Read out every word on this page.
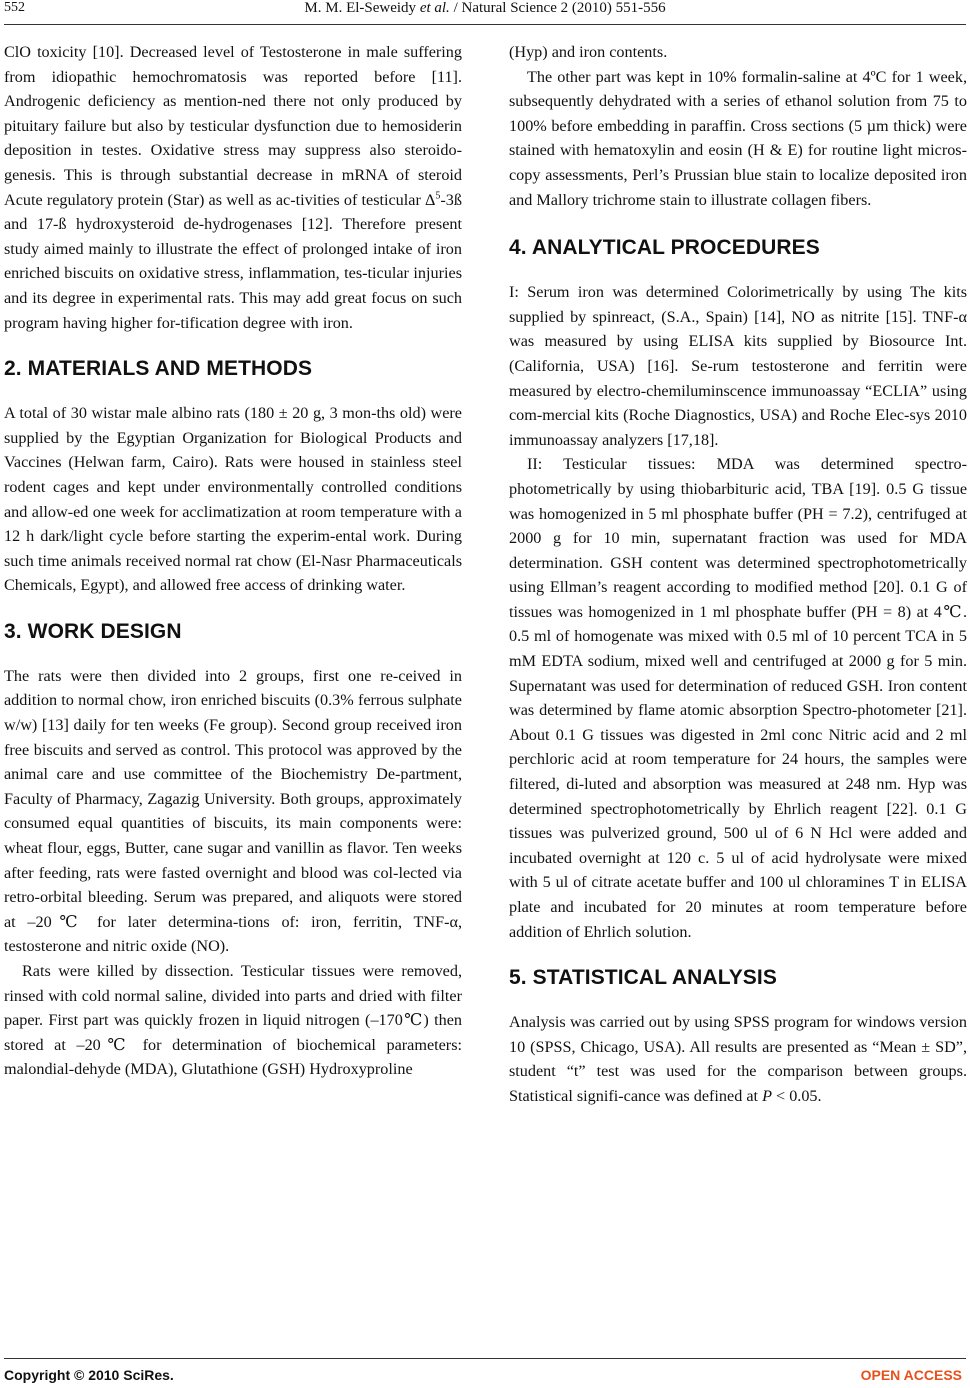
552	M. M. El-Seweidy et al. / Natural Science 2 (2010) 551-556

ClO toxicity [10]. Decreased level of Testosterone in male suffering from idiopathic hemochromatosis was reported before [11]. Androgenic deficiency as mention-ned there not only produced by pituitary failure but also by testicular dysfunction due to hemosiderin deposition in testes. Oxidative stress may suppress also steroido-genesis. This is through substantial decrease in mRNA of steroid Acute regulatory protein (Star) as well as ac-tivities of testicular $\Delta^5-3ß$ and 17-ß hydroxysteroid de-hydrogenases [12]. Therefore present study aimed mainly to illustrate the effect of prolonged intake of iron enriched biscuits on oxidative stress, inflammation, tes-ticular injuries and its degree in experimental rats. This may add great focus on such program having higher for-tification degree with iron.

2. MATERIALS AND METHODS

A total of 30 wistar male albino rats (180 ± 20 g, 3 mon-ths old) were supplied by the Egyptian Organization for Biological Products and Vaccines (Helwan farm, Cairo). Rats were housed in stainless steel rodent cages and kept under environmentally controlled conditions and allow-ed one week for acclimatization at room temperature with a 12 h dark/light cycle before starting the experim-ental work. During such time animals received normal rat chow (El-Nasr Pharmaceuticals Chemicals, Egypt), and allowed free access of drinking water.

3. WORK DESIGN

The rats were then divided into 2 groups, first one re-ceived in addition to normal chow, iron enriched biscuits (0.3% ferrous sulphate w/w) [13] daily for ten weeks (Fe group). Second group received iron free biscuits and served as control. This protocol was approved by the animal care and use committee of the Biochemistry De-partment, Faculty of Pharmacy, Zagazig University. Both groups, approximately consumed equal quantities of biscuits, its main components were: wheat flour, eggs, Butter, cane sugar and vanillin as flavor. Ten weeks after feeding, rats were fasted overnight and blood was col-lected via retro-orbital bleeding. Serum was prepared, and aliquots were stored at –20℃ for later determina-tions of: iron, ferritin, TNF-α, testosterone and nitric oxide (NO).

Rats were killed by dissection. Testicular tissues were removed, rinsed with cold normal saline, divided into parts and dried with filter paper. First part was quickly frozen in liquid nitrogen (–170℃) then stored at –20℃ for determination of biochemical parameters: malondial-dehyde (MDA), Glutathione (GSH) Hydroxyproline

(Hyp) and iron contents.

The other part was kept in 10% formalin-saline at 4ºC for 1 week, subsequently dehydrated with a series of ethanol solution from 75 to 100% before embedding in paraffin. Cross sections (5 µm thick) were stained with hematoxylin and eosin (H & E) for routine light micros-copy assessments, Perl’s Prussian blue stain to localize deposited iron and Mallory trichrome stain to illustrate collagen fibers.

4. ANALYTICAL PROCEDURES

I: Serum iron was determined Colorimetrically by using The kits supplied by spinreact, (S.A., Spain) [14], NO as nitrite [15]. TNF-α was measured by using ELISA kits supplied by Biosource Int. (California, USA) [16]. Se-rum testosterone and ferritin were measured by electro-chemiluminscence immunoassay “ECLIA” using com-mercial kits (Roche Diagnostics, USA) and Roche Elec-sys 2010 immunoassay analyzers [17,18].

II: Testicular tissues: MDA was determined spectro-photometrically by using thiobarbituric acid, TBA [19]. 0.5 G tissue was homogenized in 5 ml phosphate buffer (PH = 7.2), centrifuged at 2000 g for 10 min, supernatant fraction was used for MDA determination. GSH content was determined spectrophotometrically using Ellman’s reagent according to modified method [20]. 0.1 G of tissues was homogenized in 1 ml phosphate buffer (PH = 8) at 4℃. 0.5 ml of homogenate was mixed with 0.5 ml of 10 percent TCA in 5 mM EDTA sodium, mixed well and centrifuged at 2000 g for 5 min. Supernatant was used for determination of reduced GSH. Iron content was determined by flame atomic absorption Spectro-photometer [21]. About 0.1 G tissues was digested in 2ml conc Nitric acid and 2 ml perchloric acid at room temperature for 24 hours, the samples were filtered, di-luted and absorption was measured at 248 nm. Hyp was determined spectrophotometrically by Ehrlich reagent [22]. 0.1 G tissues was pulverized ground, 500 ul of 6 N Hcl were added and incubated overnight at 120 c. 5 ul of acid hydrolysate were mixed with 5 ul of citrate acetate buffer and 100 ul chloramines T in ELISA plate and incubated for 20 minutes at room temperature before addition of Ehrlich solution.

5. STATISTICAL ANALYSIS

Analysis was carried out by using SPSS program for windows version 10 (SPSS, Chicago, USA). All results are presented as “Mean ± SD”, student “t” test was used for the comparison between groups. Statistical signifi-cance was defined at P < 0.05.

Copyright © 2010 SciRes.	OPEN ACCESS
